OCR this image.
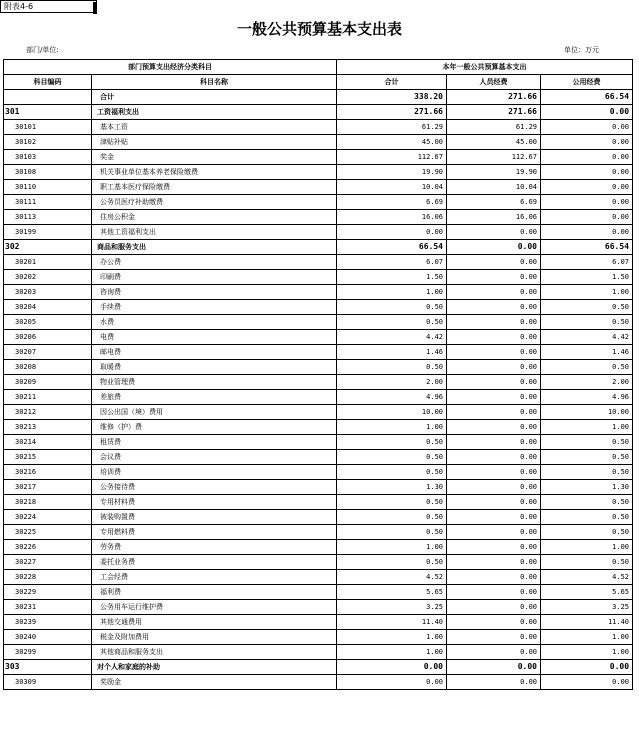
附表4-6
一般公共预算基本支出表
部门/单位:	单位：万元
部门预算支出经济分类科目		本年一般公共预算基本支出		
科目编码	科目名称	合计	人员经费	公用经费
	合计	338.20	271.66	66.54
301	工资福利支出	271.66	271.66	0.00
30101	基本工资	61.29	61.29	0.00
30102	津贴补贴	45.00	45.00	0.00
30103	奖金	112.67	112.67	0.00
30108	机关事业单位基本养老保险缴费	19.90	19.90	0.00
30110	职工基本医疗保险缴费	10.04	10.04	0.00
30111	公务员医疗补助缴费	6.69	6.69	0.00
30113	住房公积金	16.06	16.06	0.00
30199	其他工资福利支出	0.00	0.00	0.00
302	商品和服务支出	66.54	0.00	66.54
30201	办公费	6.07	0.00	6.07
30202	印刷费	1.50	0.00	1.50
30203	咨询费	1.00	0.00	1.00
30204	手续费	0.50	0.00	0.50
30205	水费	0.50	0.00	0.50
30206	电费	4.42	0.00	4.42
30207	邮电费	1.46	0.00	1.46
30208	取暖费	0.50	0.00	0.50
30209	物业管理费	2.00	0.00	2.00
30211	差旅费	4.96	0.00	4.96
30212	因公出国（境）费用	10.00	0.00	10.00
30213	维修（护）费	1.00	0.00	1.00
30214	租赁费	0.50	0.00	0.50
30215	会议费	0.50	0.00	0.50
30216	培训费	0.50	0.00	0.50
30217	公务接待费	1.30	0.00	1.30
30218	专用材料费	0.50	0.00	0.50
30224	被装购置费	0.50	0.00	0.50
30225	专用燃料费	0.50	0.00	0.50
30226	劳务费	1.00	0.00	1.00
30227	委托业务费	0.50	0.00	0.50
30228	工会经费	4.52	0.00	4.52
30229	福利费	5.65	0.00	5.65
30231	公务用车运行维护费	3.25	0.00	3.25
30239	其他交通费用	11.40	0.00	11.40
30240	税金及附加费用	1.00	0.00	1.00
30299	其他商品和服务支出	1.00	0.00	1.00
303	对个人和家庭的补助	0.00	0.00	0.00
30309	奖励金	0.00	0.00	0.00
